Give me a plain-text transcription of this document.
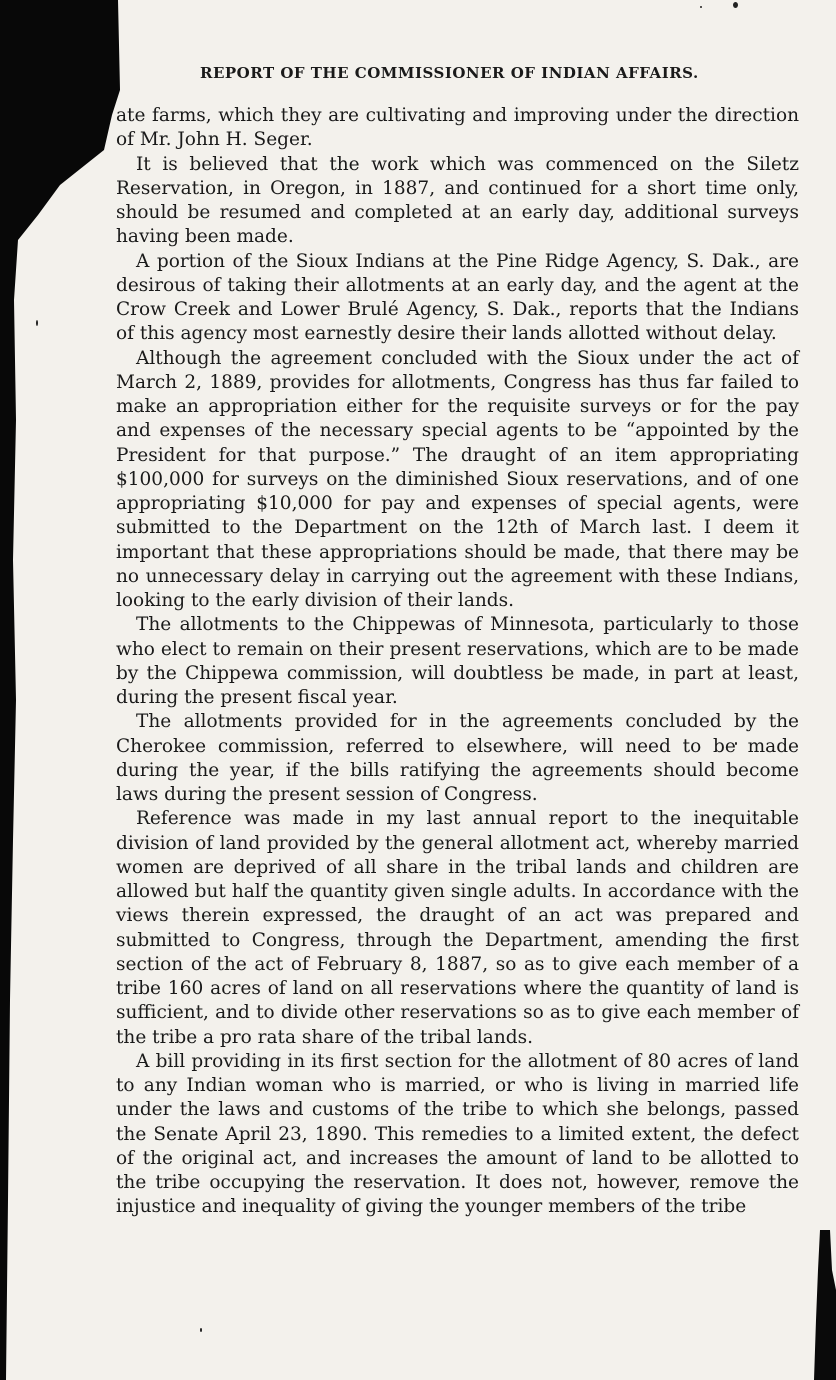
REPORT OF THE COMMISSIONER OF INDIAN AFFAIRS.

ate farms, which they are cultivating and improving under the direction of Mr. John H. Seger.

It is believed that the work which was commenced on the Siletz Reservation, in Oregon, in 1887, and continued for a short time only, should be resumed and completed at an early day, additional surveys having been made.

A portion of the Sioux Indians at the Pine Ridge Agency, S. Dak., are desirous of taking their allotments at an early day, and the agent at the Crow Creek and Lower Brulé Agency, S. Dak., reports that the Indians of this agency most earnestly desire their lands allotted without delay.

Although the agreement concluded with the Sioux under the act of March 2, 1889, provides for allotments, Congress has thus far failed to make an appropriation either for the requisite surveys or for the pay and expenses of the necessary special agents to be “appointed by the President for that purpose.” The draught of an item appropriating $100,000 for surveys on the diminished Sioux reservations, and of one appropriating $10,000 for pay and expenses of special agents, were submitted to the Department on the 12th of March last. I deem it important that these appropriations should be made, that there may be no unnecessary delay in carrying out the agreement with these Indians, looking to the early division of their lands.

The allotments to the Chippewas of Minnesota, particularly to those who elect to remain on their present reservations, which are to be made by the Chippewa commission, will doubtless be made, in part at least, during the present fiscal year.

The allotments provided for in the agreements concluded by the Cherokee commission, referred to elsewhere, will need to be made during the year, if the bills ratifying the agreements should become laws during the present session of Congress.

Reference was made in my last annual report to the inequitable division of land provided by the general allotment act, whereby married women are deprived of all share in the tribal lands and children are allowed but half the quantity given single adults. In accordance with the views therein expressed, the draught of an act was prepared and submitted to Congress, through the Department, amending the first section of the act of February 8, 1887, so as to give each member of a tribe 160 acres of land on all reservations where the quantity of land is sufficient, and to divide other reservations so as to give each member of the tribe a pro rata share of the tribal lands.

A bill providing in its first section for the allotment of 80 acres of land to any Indian woman who is married, or who is living in married life under the laws and customs of the tribe to which she belongs, passed the Senate April 23, 1890. This remedies to a limited extent, the defect of the original act, and increases the amount of land to be allotted to the tribe occupying the reservation. It does not, however, remove the injustice and inequality of giving the younger members of the tribe
